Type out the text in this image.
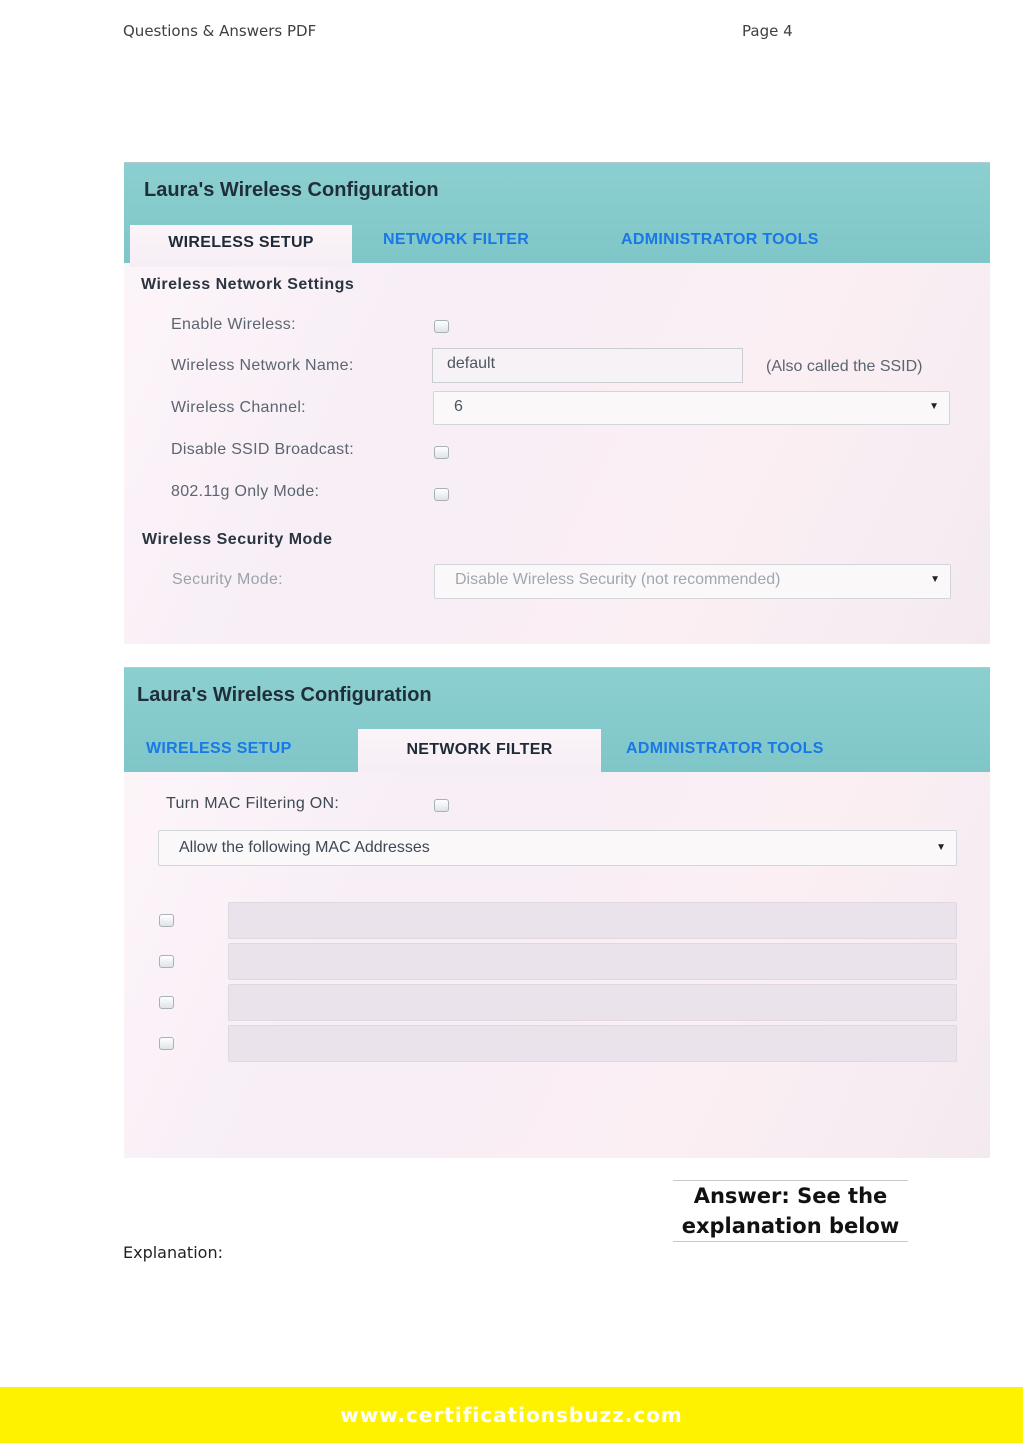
Questions & Answers PDF	Page 4
Laura's Wireless Configuration
WIRELESS SETUP	NETWORK FILTER	ADMINISTRATOR TOOLS
Wireless Network Settings
Enable Wireless:
Wireless Network Name:	default	(Also called the SSID)
Wireless Channel:	6	▼
Disable SSID Broadcast:
802.11g Only Mode:
Wireless Security Mode
Security Mode:	Disable Wireless Security (not recommended)	▼
Laura's Wireless Configuration
WIRELESS SETUP	NETWORK FILTER	ADMINISTRATOR TOOLS
Turn MAC Filtering ON:
Allow the following MAC Addresses	▼
Answer: See the
explanation below
Explanation:
www.certificationsbuzz.com
